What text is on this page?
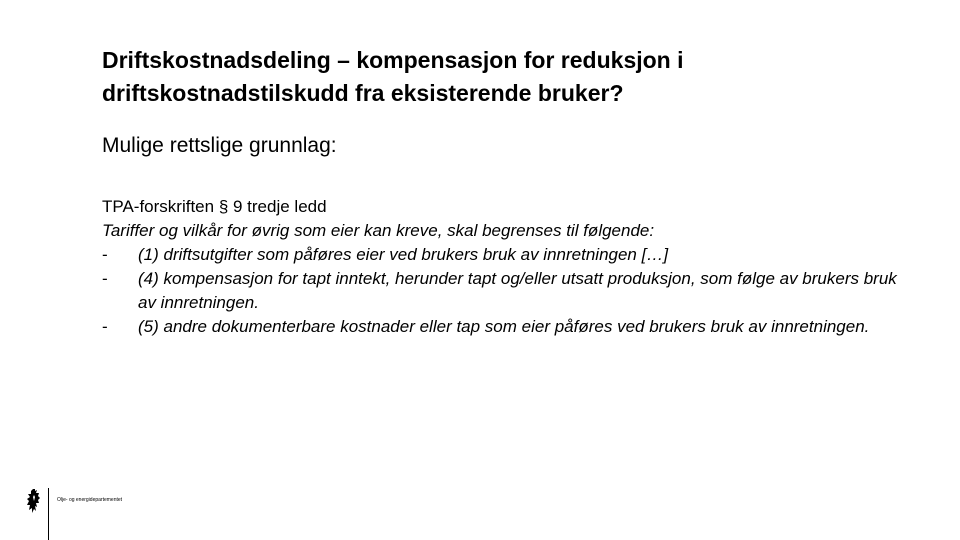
Driftskostnadsdeling – kompensasjon for reduksjon i
driftskostnadstilskudd fra eksisterende bruker?
Mulige rettslige grunnlag:

TPA-forskriften § 9 tredje ledd

Tariffer og vilkår for øvrig som eier kan kreve, skal begrenses til følgende:

-	(1) driftsutgifter som påføres eier ved brukers bruk av innretningen […]
-	(4) kompensasjon for tapt inntekt, herunder tapt og/eller utsatt produksjon, som følge av brukers bruk av innretningen.
-	(5) andre dokumenterbare kostnader eller tap som eier påføres ved brukers bruk av innretningen.
Olje- og energidepartementet
